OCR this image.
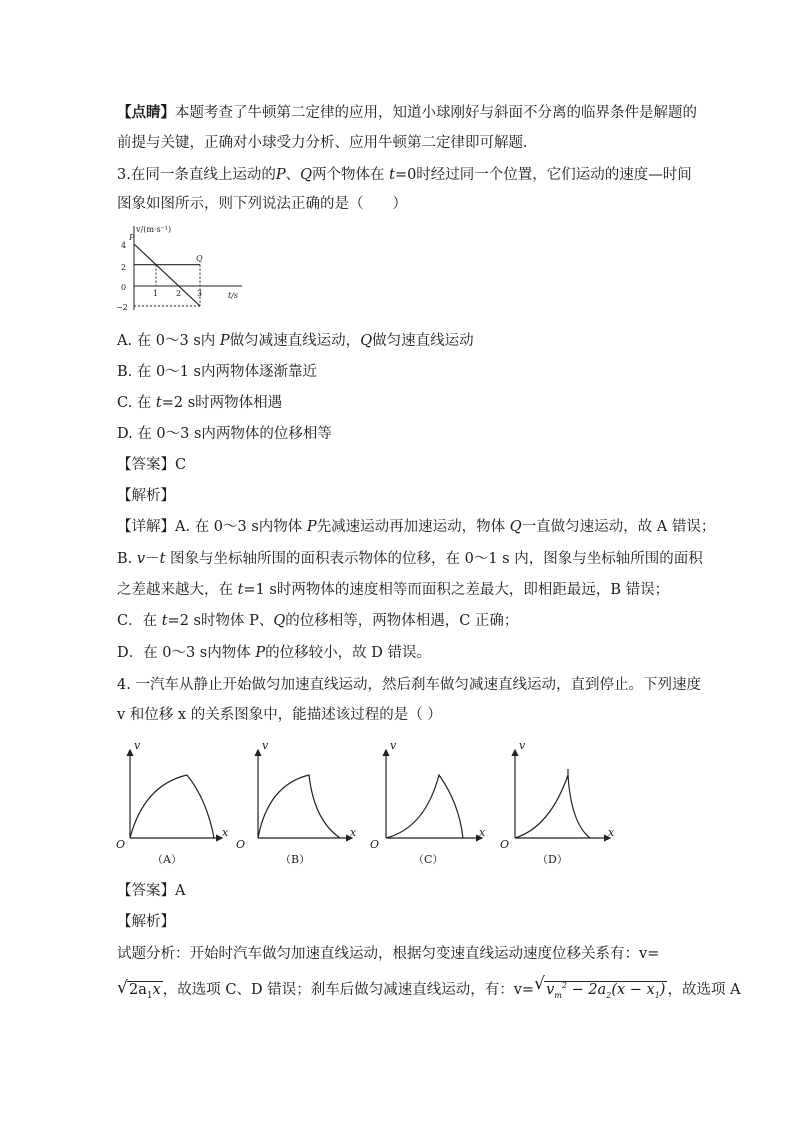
【点睛】本题考查了牛顿第二定律的应用，知道小球刚好与斜面不分离的临界条件是解题的
前提与关键，正确对小球受力分析、应用牛顿第二定律即可解题．
3.在同一条直线上运动的P、Q两个物体在 t=0时经过同一个位置，它们运动的速度—时间
图象如图所示，则下列说法正确的是（　　）
v/(m·s⁻¹)
t/s
4
2
0
−2
1 2 3
P
Q
A. 在 0～3 s内 P做匀减速直线运动，Q做匀速直线运动
B. 在 0～1 s内两物体逐渐靠近
C. 在 t=2 s时两物体相遇
D. 在 0～3 s内两物体的位移相等
【答案】C
【解析】
【详解】A. 在 0～3 s内物体 P先减速运动再加速运动，物体 Q一直做匀速运动，故 A 错误；
B. v－t 图象与坐标轴所围的面积表示物体的位移，在 0～1 s 内，图象与坐标轴所围的面积
之差越来越大，在 t=1 s时两物体的速度相等而面积之差最大，即相距最远，B 错误；
C．在 t=2 s时物体 P、Q的位移相等，两物体相遇，C 正确；
D．在 0～3 s内物体 P的位移较小，故 D 错误。
4. 一汽车从静止开始做匀加速直线运动，然后刹车做匀减速直线运动，直到停止。下列速度
v 和位移 x 的关系图象中，能描述该过程的是（ ）
v
x
O
（A）
v
x
O
（B）
v
x
O
（C）
v
x
O
（D）
【答案】A
【解析】
试题分析：开始时汽车做匀加速直线运动，根据匀变速直线运动速度位移关系有：v=
√ $2a_1x$ ，故选项 C、D 错误；刹车后做匀减速直线运动，有：v= √ $v_m^2 - 2a_2(x - x_1)$ ，故选项 A
